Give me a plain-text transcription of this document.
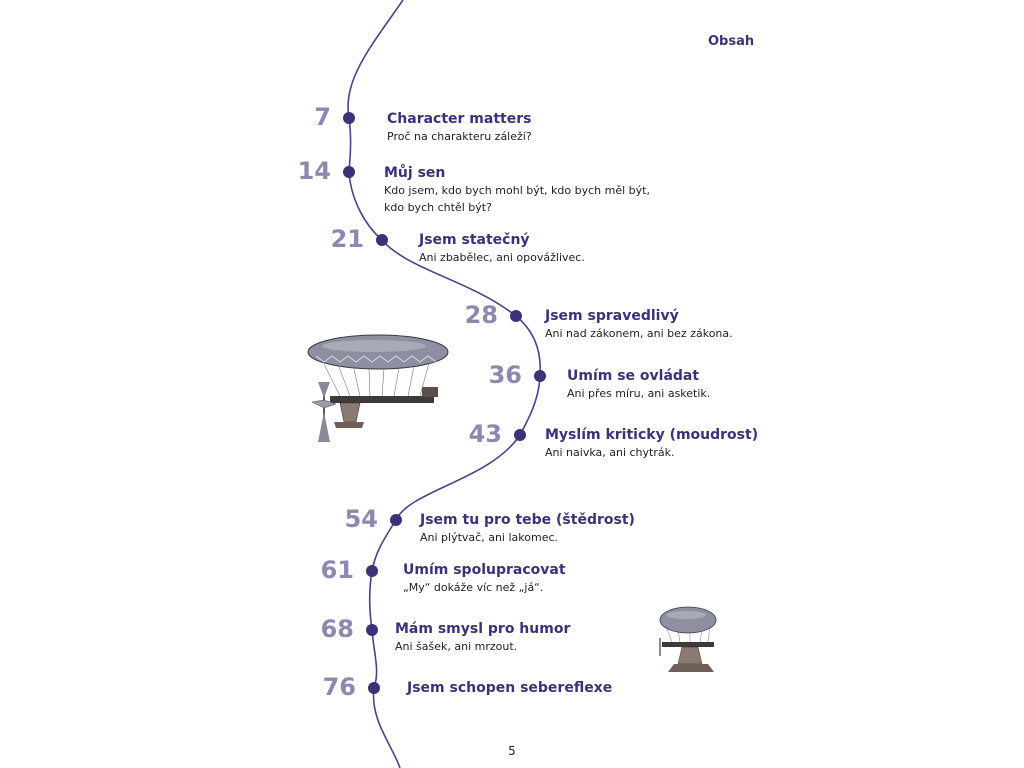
Obsah
7	Character matters
Proč na charakteru záleží?
14	Můj sen
Kdo jsem, kdo bych mohl být, kdo bych měl být,
kdo bych chtěl být?
21	Jsem statečný
Ani zbabělec, ani opovážlivec.
28	Jsem spravedlivý
Ani nad zákonem, ani bez zákona.
36	Umím se ovládat
Ani přes míru, ani asketik.
43	Myslím kriticky (moudrost)
Ani naivka, ani chytrák.
54	Jsem tu pro tebe (štědrost)
Ani plýtvač, ani lakomec.
61	Umím spolupracovat
„My“ dokáže víc než „já“.
68	Mám smysl pro humor
Ani šašek, ani mrzout.
76	Jsem schopen sebereflexe
5
